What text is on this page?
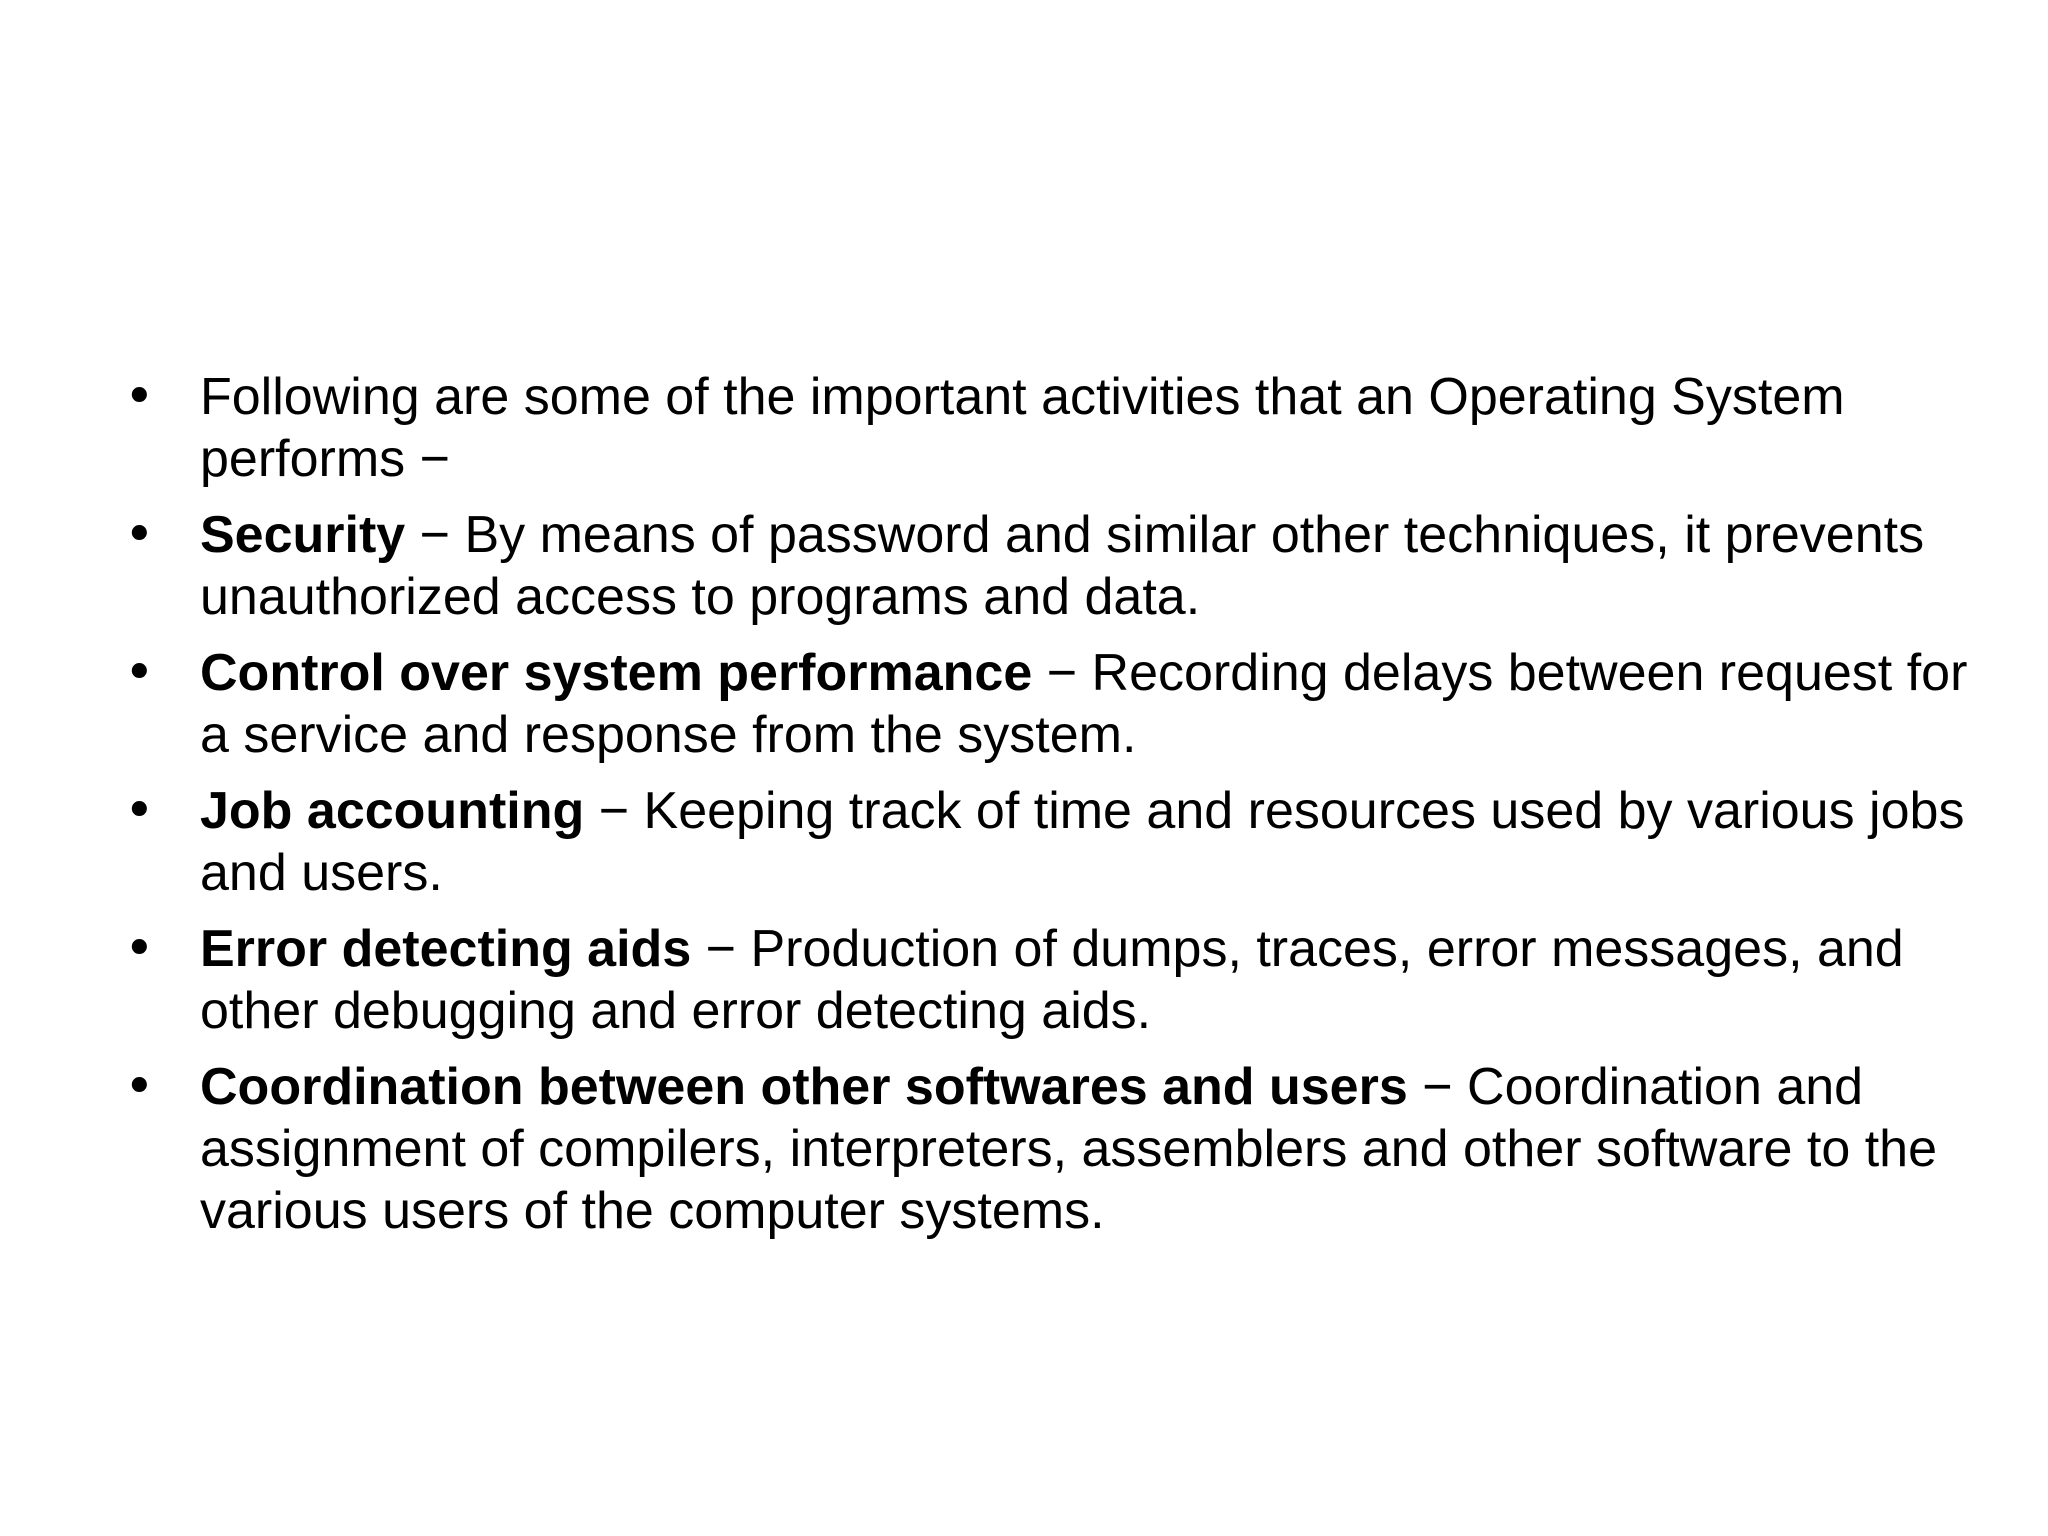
• Following are some of the important activities that an Operating System performs −
• Security − By means of password and similar other techniques, it prevents unauthorized access to programs and data.
• Control over system performance − Recording delays between request for a service and response from the system.
• Job accounting − Keeping track of time and resources used by various jobs and users.
• Error detecting aids − Production of dumps, traces, error messages, and other debugging and error detecting aids.
• Coordination between other softwares and users − Coordination and assignment of compilers, interpreters, assemblers and other software to the various users of the computer systems.
